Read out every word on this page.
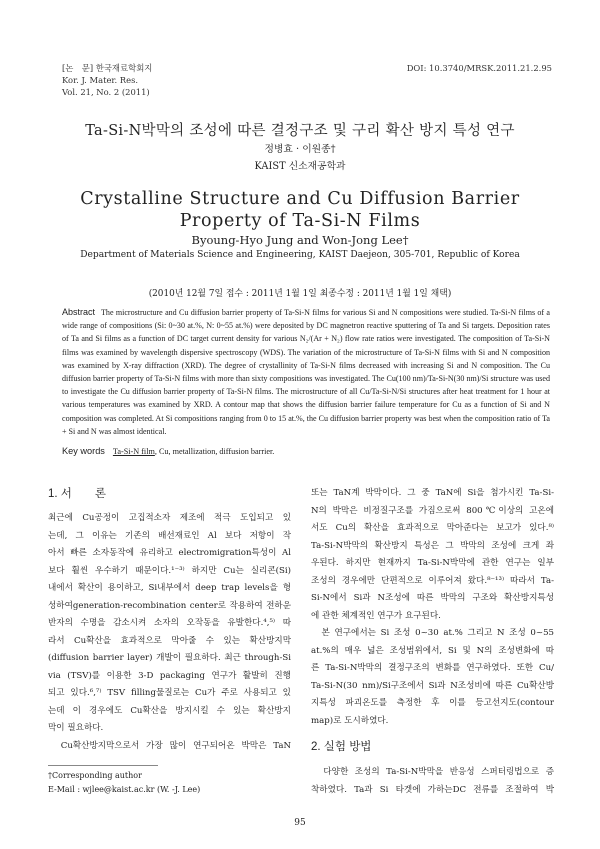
[논　문] 한국재료학회지
Kor. J. Mater. Res.
Vol. 21, No. 2 (2011)
DOI: 10.3740/MRSK.2011.21.2.95
Ta-Si-N박막의 조성에 따른 결정구조 및 구리 확산 방지 특성 연구
정병효 · 이원종†
KAIST 신소재공학과
Crystalline Structure and Cu Diffusion Barrier
Property of Ta-Si-N Films
Byoung-Hyo Jung and Won-Jong Lee†
Department of Materials Science and Engineering, KAIST Daejeon, 305-701, Republic of Korea
(2010년 12월 7일 접수 : 2011년 1월 1일 최종수정 : 2011년 1월 1일 채택)
Abstract The microstructure and Cu diffusion barrier property of Ta-Si-N films for various Si and N compositions were studied. Ta-Si-N films of a wide range of compositions (Si: 0~30 at.%, N: 0~55 at.%) were deposited by DC magnetron reactive sputtering of Ta and Si targets. Deposition rates of Ta and Si films as a function of DC target current density for various N₂/(Ar + N₂) flow rate ratios were investigated. The composition of Ta-Si-N films was examined by wavelength dispersive spectroscopy (WDS). The variation of the microstructure of Ta-Si-N films with Si and N composition was examined by X-ray diffraction (XRD). The degree of crystallinity of Ta-Si-N films decreased with increasing Si and N composition. The Cu diffusion barrier property of Ta-Si-N films with more than sixty compositions was investigated. The Cu(100 nm)/Ta-Si-N(30 nm)/Si structure was used to investigate the Cu diffusion barrier property of Ta-Si-N films. The microstructure of all Cu/Ta-Si-N/Si structures after heat treatment for 1 hour at various temperatures was examined by XRD. A contour map that shows the diffusion barrier failure temperature for Cu as a function of Si and N composition was completed. At Si compositions ranging from 0 to 15 at.%, the Cu diffusion barrier property was best when the composition ratio of Ta + Si and N was almost identical.
Key words Ta-Si-N film, Cu, metallization, diffusion barrier.
1. 서　　론
최근에 Cu공정이 고집적소자 제조에 적극 도입되고 있
는데, 그 이유는 기존의 배선재료인 Al 보다 저항이 작
아서 빠른 소자동작에 유리하고 electromigration특성이 Al
보다 훨씬 우수하기 때문이다.¹⁻³⁾ 하지만 Cu는 실리콘(Si)
내에서 확산이 용이하고, Si내부에서 deep trap levels을 형
성하여generation-recombination center로 작용하여 전하운
반자의 수명을 감소시켜 소자의 오작동을 유발한다.⁴,⁵⁾ 따
라서 Cu확산을 효과적으로 막아줄 수 있는 확산방지막
(diffusion barrier layer) 개발이 필요하다. 최근 through-Si
via (TSV)를 이용한 3-D packaging 연구가 활발히 진행
되고 있다.⁶,⁷⁾ TSV filling물질로는 Cu가 주로 사용되고 있
는데 이 경우에도 Cu확산을 방지시킬 수 있는 확산방지
막이 필요하다.
　Cu확산방지막으로서 가장 많이 연구되어온 박막은 TaN
또는 TaN계 박막이다. 그 중 TaN에 Si을 첨가시킨 Ta-Si-
N의 박막은 비정질구조를 가짐으로써 800℃이상의 고온에
서도 Cu의 확산을 효과적으로 막아준다는 보고가 있다.⁸⁾
Ta-Si-N박막의 확산방지 특성은 그 박막의 조성에 크게 좌
우된다. 하지만 현재까지 Ta-Si-N박막에 관한 연구는 일부
조성의 경우에만 단편적으로 이루어져 왔다.⁸⁻¹³⁾ 따라서 Ta-
Si-N에서 Si과 N조성에 따른 박막의 구조와 확산방지특성
에 관한 체계적인 연구가 요구된다.
　본 연구에서는 Si 조성 0~30 at.% 그리고 N 조성 0~55
at.%의 매우 넓은 조성범위에서, Si 및 N의 조성변화에 따
른 Ta-Si-N박막의 결정구조의 변화를 연구하였다. 또한 Cu/
Ta-Si-N(30 nm)/Si구조에서 Si과 N조성비에 따른 Cu확산방
지특성 파괴온도를 측정한 후 이를 등고선지도(contour
map)로 도시하였다.
2. 실험 방법
　다양한 조성의 Ta-Si-N박막을 반응성 스퍼터링법으로 증
착하였다. Ta과 Si 타겟에 가하는DC 전류를 조절하여 박
†Corresponding author
E-Mail : wjlee@kaist.ac.kr (W. -J. Lee)
95
